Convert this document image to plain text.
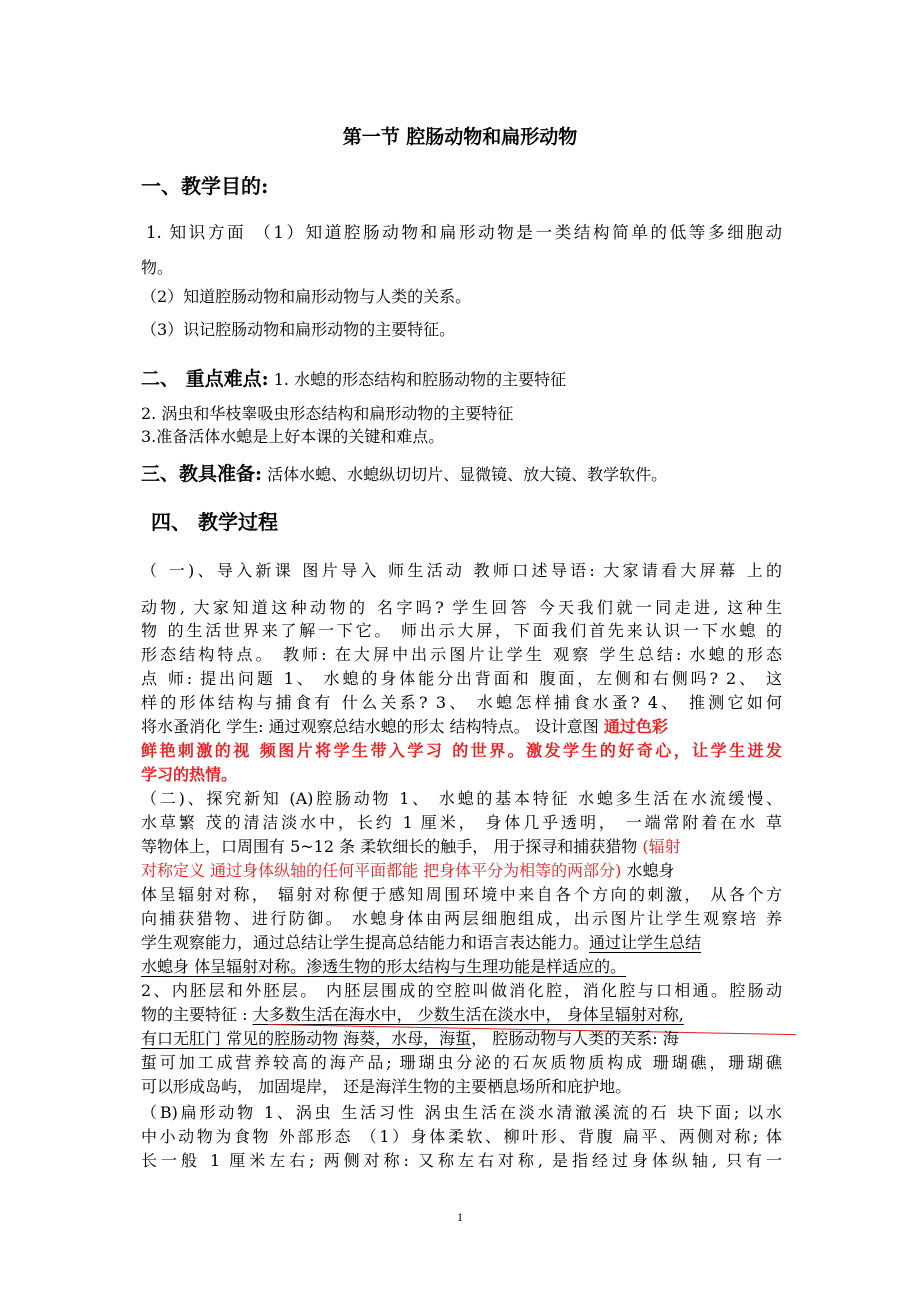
第一节 腔肠动物和扁形动物
一、教学目的:
1. 知识方面 （1）知道腔肠动物和扁形动物是一类结构简单的低等多细胞动
物。
（2）知道腔肠动物和扁形动物与人类的关系。
（3）识记腔肠动物和扁形动物的主要特征。
二、 重点难点: 1. 水螅的形态结构和腔肠动物的主要特征
2. 涡虫和华枝睾吸虫形态结构和扁形动物的主要特征
3.准备活体水螅是上好本课的关键和难点。
三、教具准备: 活体水螅、水螅纵切切片、显微镜、放大镜、教学软件。
四、 教学过程
（ 一)、导入新课 图片导入 师生活动 教师口述导语: 大家请看大屏幕 上的
动物, 大家知道这种动物的 名字吗? 学生回答 今天我们就一同走进, 这种生
物 的生活世界来了解一下它。 师出示大屏，下面我们首先来认识一下水螅 的
形态结构特点。 教师: 在大屏中出示图片让学生 观察 学生总结: 水螅的形态
点 师: 提出问题 1、 水螅的身体能分出背面和 腹面，左侧和右侧吗? 2、 这
样的形体结构与捕食有 什么关系? 3、 水螅怎样捕食水蚤? 4、 推测它如何
将水蚤消化 学生: 通过观察总结水螅的形太 结构特点。 设计意图 通过色彩
鲜艳刺激的视 频图片将学生带入学习 的世界。激发学生的好奇心，让学生迸发
学习的热情。
（二)、探究新知 (A)腔肠动物 1、 水螅的基本特征 水螅多生活在水流缓慢、
水草繁 茂的清洁淡水中，长约 1 厘米， 身体几乎透明， 一端常附着在水 草
等物体上，口周围有 5~12 条 柔软细长的触手， 用于探寻和捕获猎物 (辐射
对称定义 通过身体纵轴的任何平面都能 把身体平分为相等的两部分) 水螅身
体呈辐射对称， 辐射对称便于感知周围环境中来自各个方向的刺激， 从各个方
向捕获猎物、进行防御。 水螅身体由两层细胞组成，出示图片让学生观察培 养
学生观察能力，通过总结让学生提高总结能力和语言表达能力。通过让学生总结
水螅身 体呈辐射对称。渗透生物的形太结构与生理功能是样适应的。
2、内胚层和外胚层。 内胚层围成的空腔叫做消化腔，消化腔与口相通。腔肠动
物的主要特征 : 大多数生活在海水中， 少数生活在淡水中， 身体呈辐射对称,
有口无肛门 常见的腔肠动物 海葵，水母，海蜇， 腔肠动物与人类的关系: 海
蜇可加工成营养较高的海产品; 珊瑚虫分泌的石灰质物质构成 珊瑚礁，珊瑚礁
可以形成岛屿， 加固堤岸， 还是海洋生物的主要栖息场所和庇护地。
（B)扁形动物 1、涡虫 生活习性 涡虫生活在淡水清澈溪流的石 块下面; 以水
中小动物为食物 外部形态 （1）身体柔软、柳叶形、背腹 扁平、两侧对称; 体
长一般 1 厘米左右; 两侧对称: 又称左右对称, 是指经过身体纵轴, 只有一
1
